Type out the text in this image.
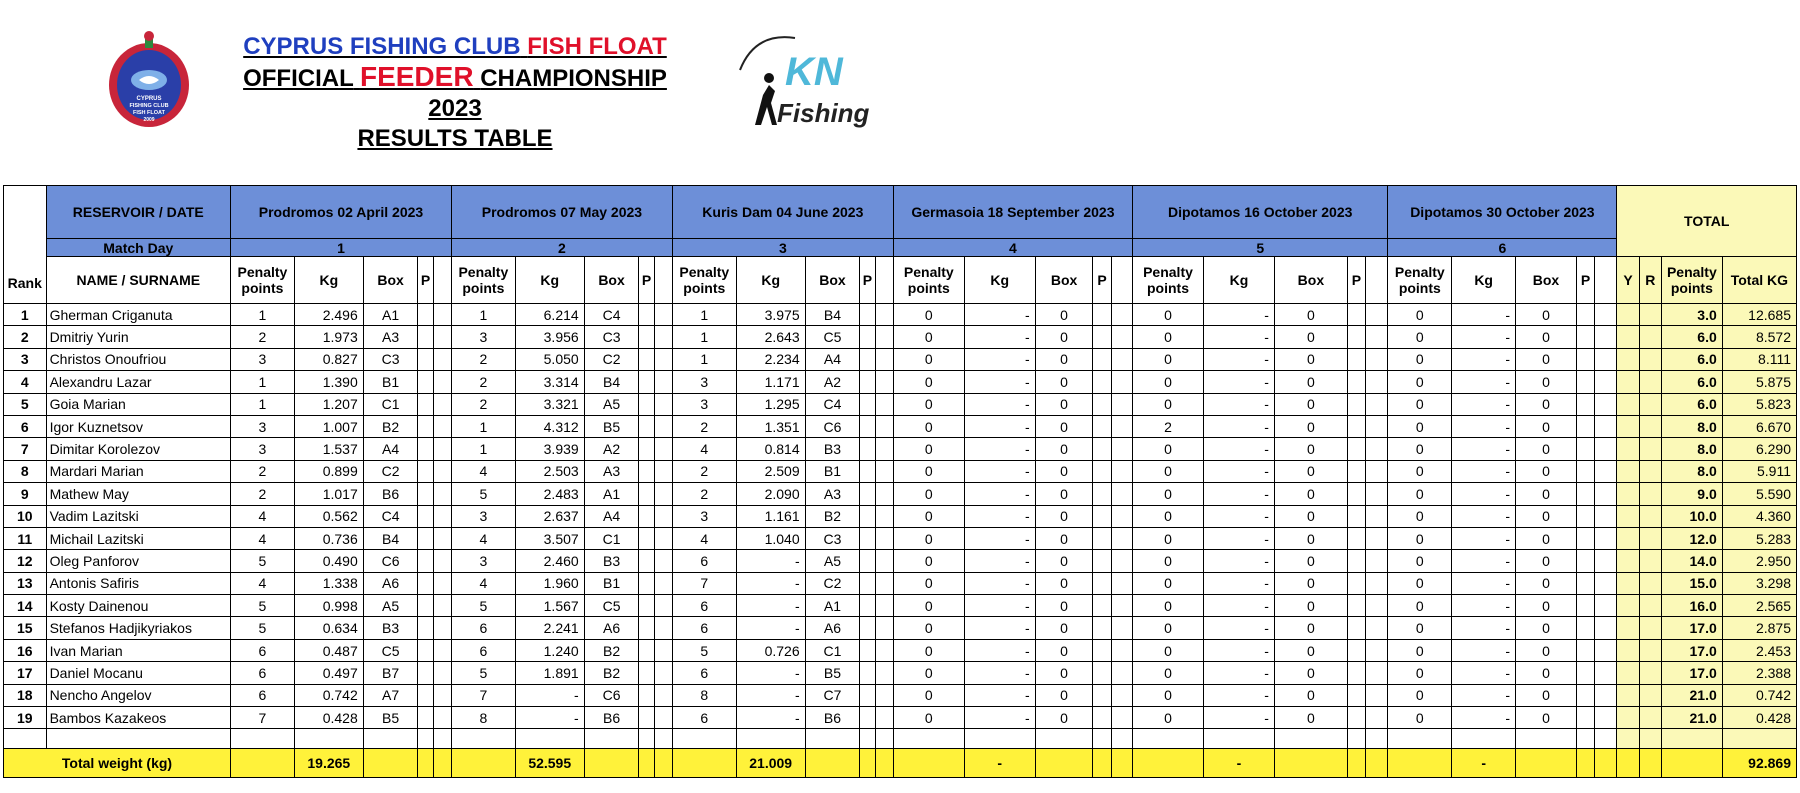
CYPRUS
FISHING CLUB
FISH FLOAT
2009
CYPRUS FISHING CLUB FISH FLOAT
OFFICIAL FEEDER CHAMPIONSHIP 2023
RESULTS TABLE
KN
Fishing
Rank	RESERVOIR / DATE	Prodromos 02 April 2023					Prodromos 07 May 2023					Kuris Dam 04 June 2023					Germasoia 18 September 2023					Dipotamos 16 October 2023					Dipotamos 30 October 2023					TOTAL			
	Match Day	1					2					3					4					5					6								
	NAME / SURNAME	Penalty
points	Kg	Box	P		Penalty
points	Kg	Box	P		Penalty
points	Kg	Box	P		Penalty
points	Kg	Box	P		Penalty
points	Kg	Box	P		Penalty
points	Kg	Box	P		Y	R	Penalty
points	Total KG
1	Gherman Criganuta	1	2.496	A1			1	6.214	C4			1	3.975	B4			0	-	0			0	-	0			0	-	0					3.0	12.685
2	Dmitriy Yurin	2	1.973	A3			3	3.956	C3			1	2.643	C5			0	-	0			0	-	0			0	-	0					6.0	8.572
3	Christos Onoufriou	3	0.827	C3			2	5.050	C2			1	2.234	A4			0	-	0			0	-	0			0	-	0					6.0	8.111
4	Alexandru Lazar	1	1.390	B1			2	3.314	B4			3	1.171	A2			0	-	0			0	-	0			0	-	0					6.0	5.875
5	Goia Marian	1	1.207	C1			2	3.321	A5			3	1.295	C4			0	-	0			0	-	0			0	-	0					6.0	5.823
6	Igor Kuznetsov	3	1.007	B2			1	4.312	B5			2	1.351	C6			0	-	0			2	-	0			0	-	0					8.0	6.670
7	Dimitar Korolezov	3	1.537	A4			1	3.939	A2			4	0.814	B3			0	-	0			0	-	0			0	-	0					8.0	6.290
8	Mardari Marian	2	0.899	C2			4	2.503	A3			2	2.509	B1			0	-	0			0	-	0			0	-	0					8.0	5.911
9	Mathew May	2	1.017	B6			5	2.483	A1			2	2.090	A3			0	-	0			0	-	0			0	-	0					9.0	5.590
10	Vadim Lazitski	4	0.562	C4			3	2.637	A4			3	1.161	B2			0	-	0			0	-	0			0	-	0					10.0	4.360
11	Michail Lazitski	4	0.736	B4			4	3.507	C1			4	1.040	C3			0	-	0			0	-	0			0	-	0					12.0	5.283
12	Oleg Panforov	5	0.490	C6			3	2.460	B3			6	-	A5			0	-	0			0	-	0			0	-	0					14.0	2.950
13	Antonis Safiris	4	1.338	A6			4	1.960	B1			7	-	C2			0	-	0			0	-	0			0	-	0					15.0	3.298
14	Kosty Dainenou	5	0.998	A5			5	1.567	C5			6	-	A1			0	-	0			0	-	0			0	-	0					16.0	2.565
15	Stefanos Hadjikyriakos	5	0.634	B3			6	2.241	A6			6	-	A6			0	-	0			0	-	0			0	-	0					17.0	2.875
16	Ivan Marian	6	0.487	C5			6	1.240	B2			5	0.726	C1			0	-	0			0	-	0			0	-	0					17.0	2.453
17	Daniel Mocanu	6	0.497	B7			5	1.891	B2			6	-	B5			0	-	0			0	-	0			0	-	0					17.0	2.388
18	Nencho Angelov	6	0.742	A7			7	-	C6			8	-	C7			0	-	0			0	-	0			0	-	0					21.0	0.742
19	Bambos Kazakeos	7	0.428	B5			8	-	B6			6	-	B6			0	-	0			0	-	0			0	-	0					21.0	0.428

Total weight (kg)			19.265					52.595					21.009					-					-					-							92.869
